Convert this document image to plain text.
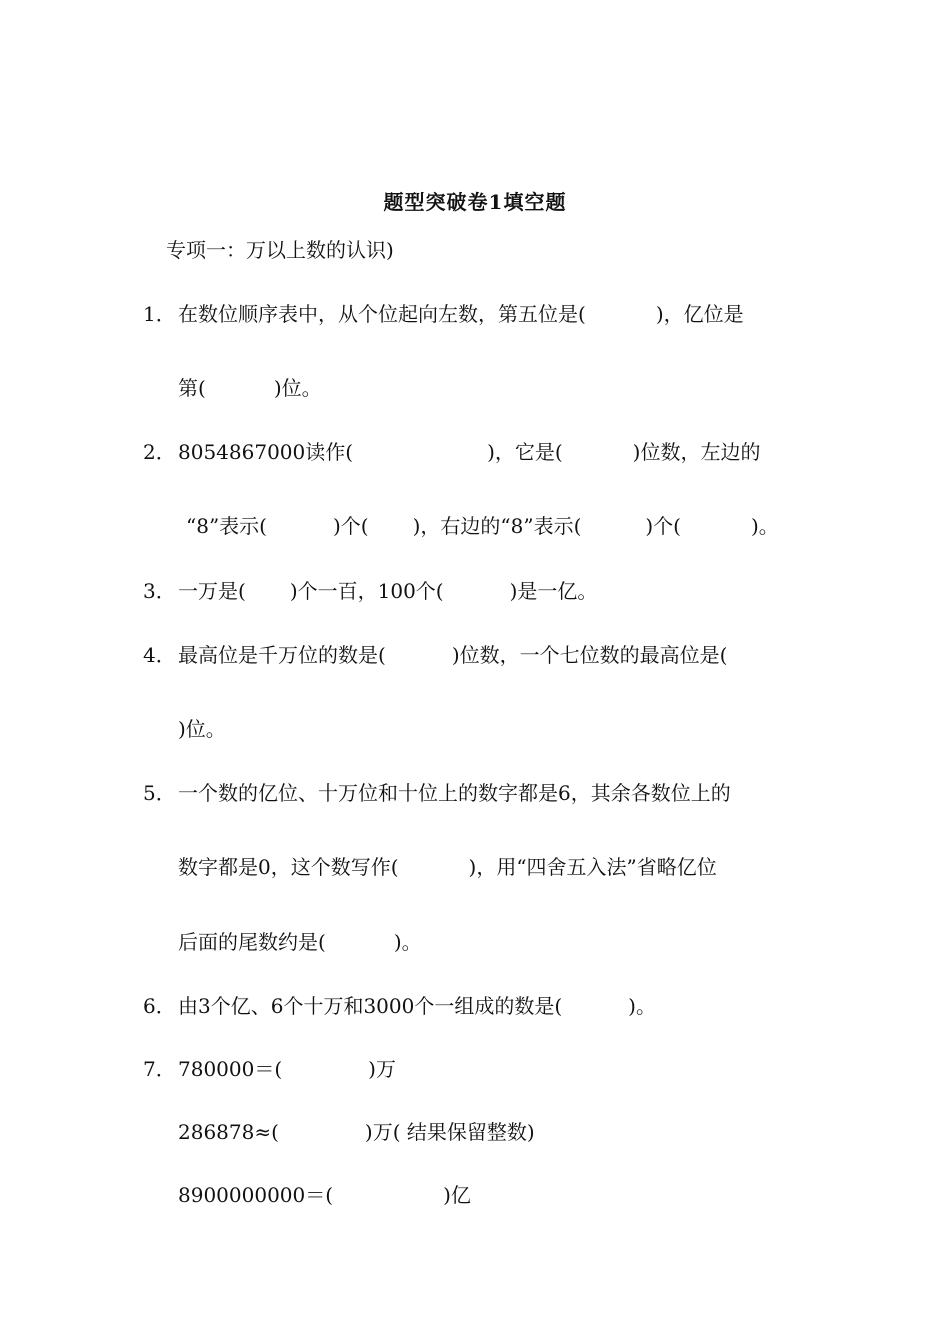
题型突破卷1填空题
专项一：万以上数的认识)
1． 在数位顺序表中，从个位起向左数，第五位是(	)，亿位是
第(	)位。
2． 8054867000读作(	)，它是(	)位数，左边的
“8”表示(	)个( )，右边的“8”表示(	)个(	)。
3． 一万是( )个一百，100个(	)是一亿。
4． 最高位是千万位的数是(	)位数，一个七位数的最高位是(
)位。
5． 一个数的亿位、十万位和十位上的数字都是6，其余各数位上的
数字都是0，这个数写作(	)，用“四舍五入法”省略亿位
后面的尾数约是(	)。
6． 由3个亿、6个十万和3000个一组成的数是(	)。
7． 780000＝(	)万
286878≈(	)万( 结果保留整数)
8900000000＝(	)亿
